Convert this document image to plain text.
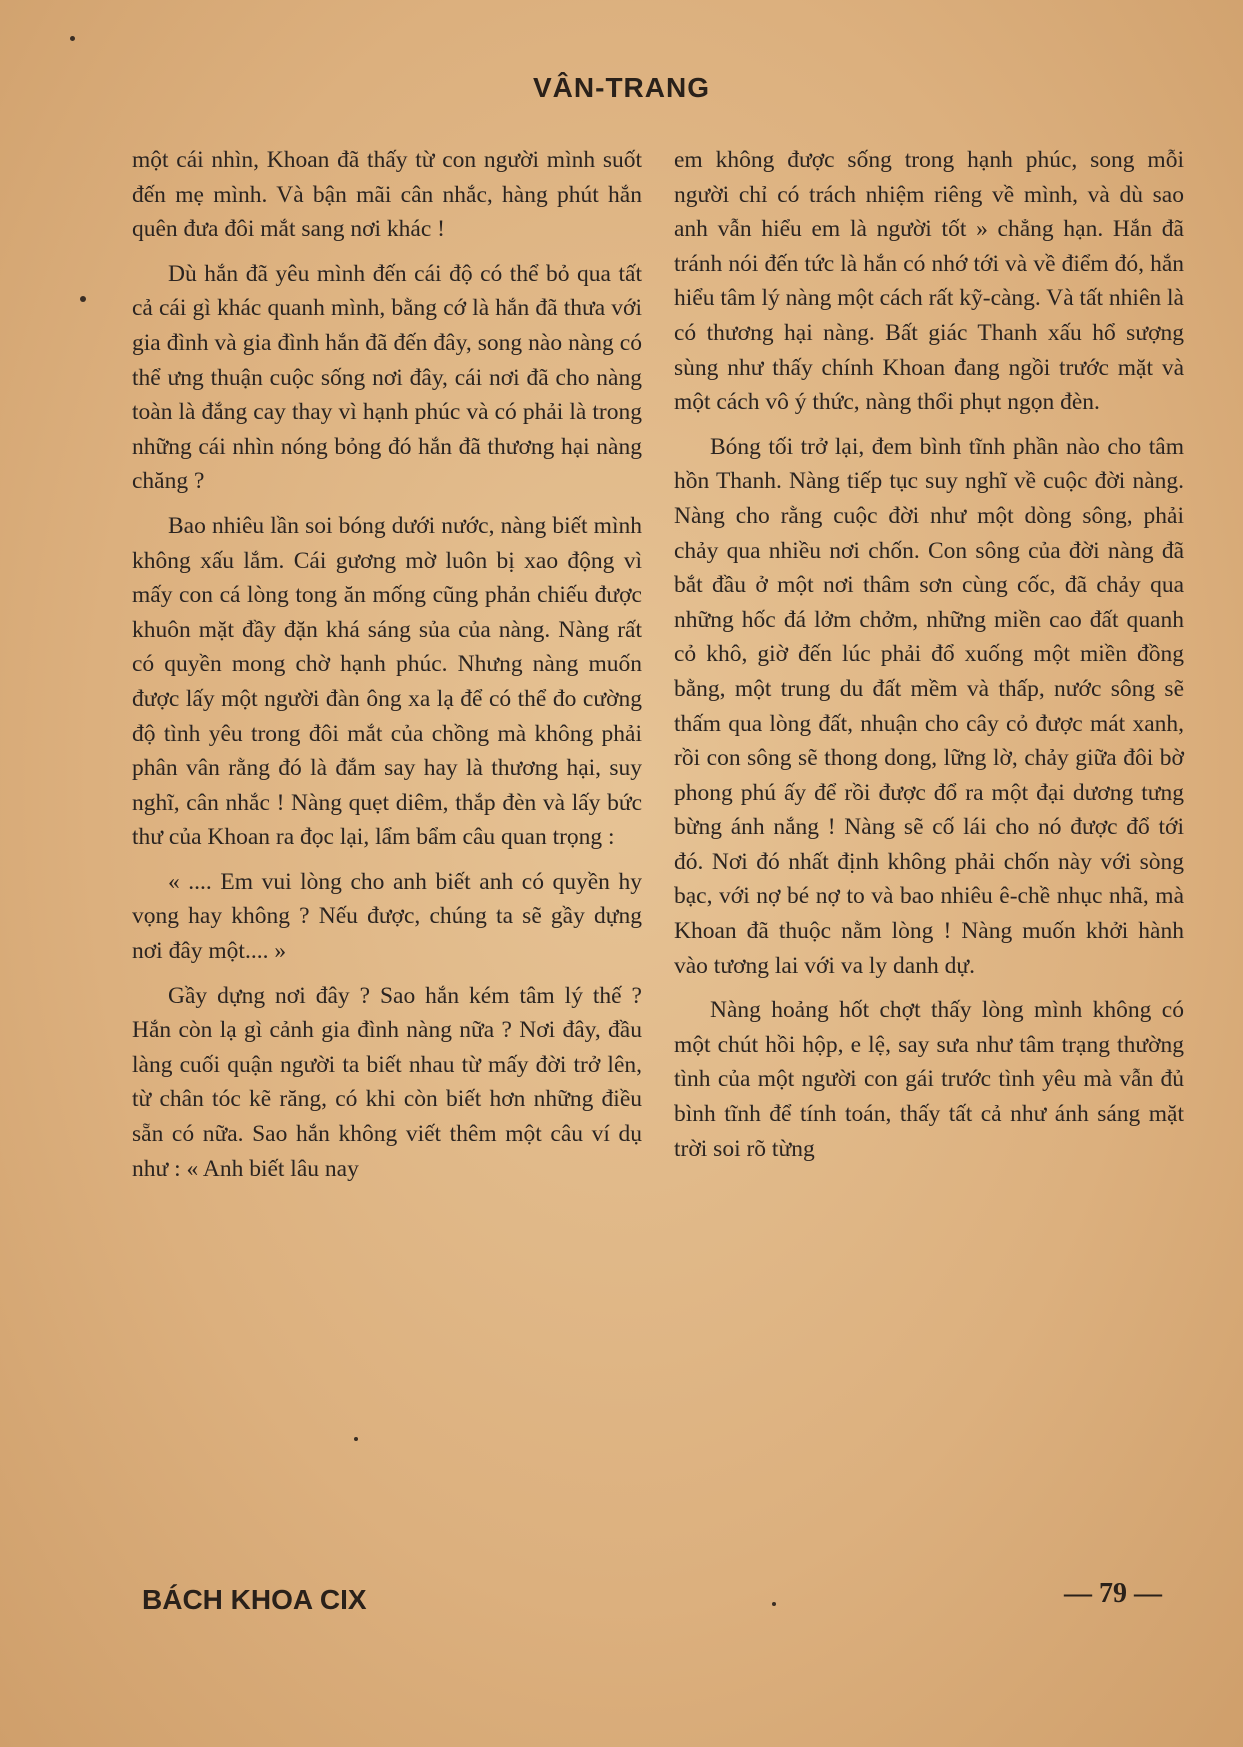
VÂN-TRANG

một cái nhìn, Khoan đã thấy từ con người mình suốt đến mẹ mình. Và bận mãi cân nhắc, hàng phút hắn quên đưa đôi mắt sang nơi khác !

Dù hắn đã yêu mình đến cái độ có thể bỏ qua tất cả cái gì khác quanh mình, bằng cớ là hắn đã thưa với gia đình và gia đình hắn đã đến đây, song nào nàng có thể ưng thuận cuộc sống nơi đây, cái nơi đã cho nàng toàn là đắng cay thay vì hạnh phúc và có phải là trong những cái nhìn nóng bỏng đó hắn đã thương hại nàng chăng ?

Bao nhiêu lần soi bóng dưới nước, nàng biết mình không xấu lắm. Cái gương mờ luôn bị xao động vì mấy con cá lòng tong ăn mống cũng phản chiếu được khuôn mặt đầy đặn khá sáng sủa của nàng. Nàng rất có quyền mong chờ hạnh phúc. Nhưng nàng muốn được lấy một người đàn ông xa lạ để có thể đo cường độ tình yêu trong đôi mắt của chồng mà không phải phân vân rằng đó là đắm say hay là thương hại, suy nghĩ, cân nhắc ! Nàng quẹt diêm, thắp đèn và lấy bức thư của Khoan ra đọc lại, lẩm bẩm câu quan trọng :

« .... Em vui lòng cho anh biết anh có quyền hy vọng hay không ? Nếu được, chúng ta sẽ gầy dựng nơi đây một.... »

Gầy dựng nơi đây ? Sao hắn kém tâm lý thế ? Hắn còn lạ gì cảnh gia đình nàng nữa ? Nơi đây, đầu làng cuối quận người ta biết nhau từ mấy đời trở lên, từ chân tóc kẽ răng, có khi còn biết hơn những điều sẵn có nữa. Sao hắn không viết thêm một câu ví dụ như : « Anh biết lâu nay

em không được sống trong hạnh phúc, song mỗi người chỉ có trách nhiệm riêng về mình, và dù sao anh vẫn hiểu em là người tốt » chẳng hạn. Hắn đã tránh nói đến tức là hắn có nhớ tới và về điểm đó, hắn hiểu tâm lý nàng một cách rất kỹ-càng. Và tất nhiên là có thương hại nàng. Bất giác Thanh xấu hổ sượng sùng như thấy chính Khoan đang ngồi trước mặt và một cách vô ý thức, nàng thổi phụt ngọn đèn.

Bóng tối trở lại, đem bình tĩnh phần nào cho tâm hồn Thanh. Nàng tiếp tục suy nghĩ về cuộc đời nàng. Nàng cho rằng cuộc đời như một dòng sông, phải chảy qua nhiều nơi chốn. Con sông của đời nàng đã bắt đầu ở một nơi thâm sơn cùng cốc, đã chảy qua những hốc đá lởm chởm, những miền cao đất quanh cỏ khô, giờ đến lúc phải đổ xuống một miền đồng bằng, một trung du đất mềm và thấp, nước sông sẽ thấm qua lòng đất, nhuận cho cây cỏ được mát xanh, rồi con sông sẽ thong dong, lững lờ, chảy giữa đôi bờ phong phú ấy để rồi được đổ ra một đại dương tưng bừng ánh nắng ! Nàng sẽ cố lái cho nó được đổ tới đó. Nơi đó nhất định không phải chốn này với sòng bạc, với nợ bé nợ to và bao nhiêu ê-chề nhục nhã, mà Khoan đã thuộc nằm lòng ! Nàng muốn khởi hành vào tương lai với va ly danh dự.

Nàng hoảng hốt chợt thấy lòng mình không có một chút hồi hộp, e lệ, say sưa như tâm trạng thường tình của một người con gái trước tình yêu mà vẫn đủ bình tĩnh để tính toán, thấy tất cả như ánh sáng mặt trời soi rõ từng

BÁCH KHOA CIX	— 79 —
